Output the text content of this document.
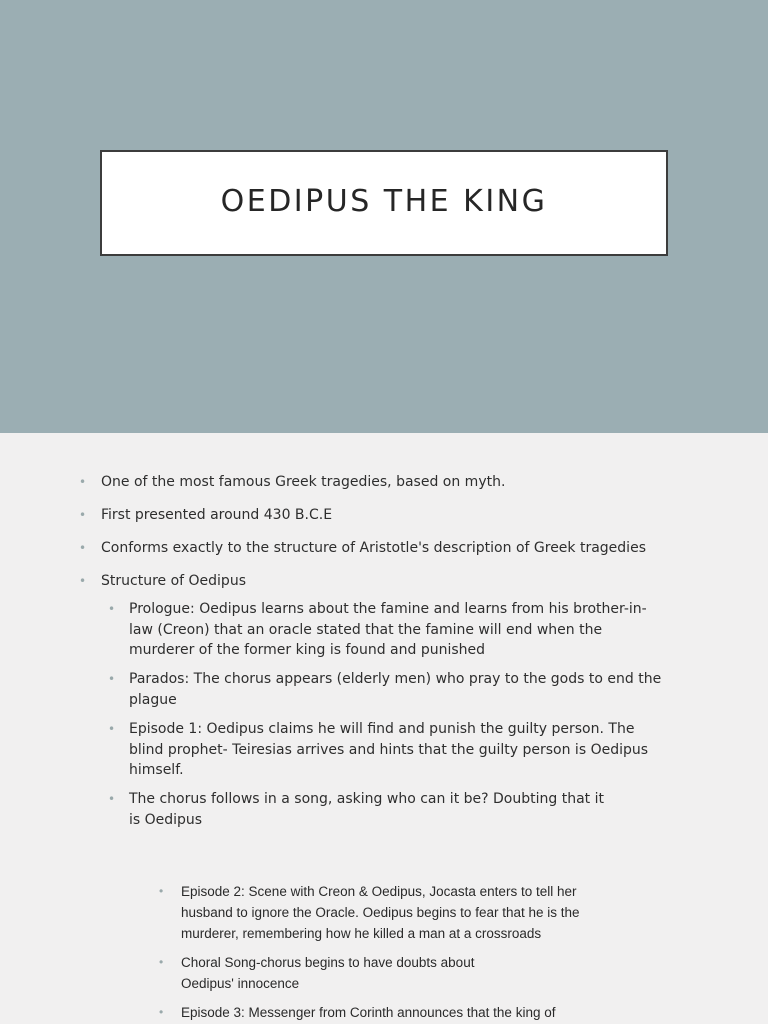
OEDIPUS THE KING
• One of the most famous Greek tragedies, based on myth.
• First presented around 430 B.C.E
• Conforms exactly to the structure of Aristotle's description of Greek tragedies
• Structure of Oedipus
• Prologue: Oedipus learns about the famine and learns from his brother-in-law (Creon) that an oracle stated that the famine will end when the murderer of the former king is found and punished
• Parados: The chorus appears (elderly men) who pray to the gods to end the plague
• Episode 1: Oedipus claims he will find and punish the guilty person. The blind prophet- Teiresias arrives and hints that the guilty person is Oedipus himself.
• The chorus follows in a song, asking who can it be? Doubting that it is Oedipus
• Episode 2: Scene with Creon & Oedipus, Jocasta enters to tell her husband to ignore the Oracle. Oedipus begins to fear that he is the murderer, remembering how he killed a man at a crossroads
• Choral Song-chorus begins to have doubts about Oedipus' innocence
• Episode 3: Messenger from Corinth announces that the king of
